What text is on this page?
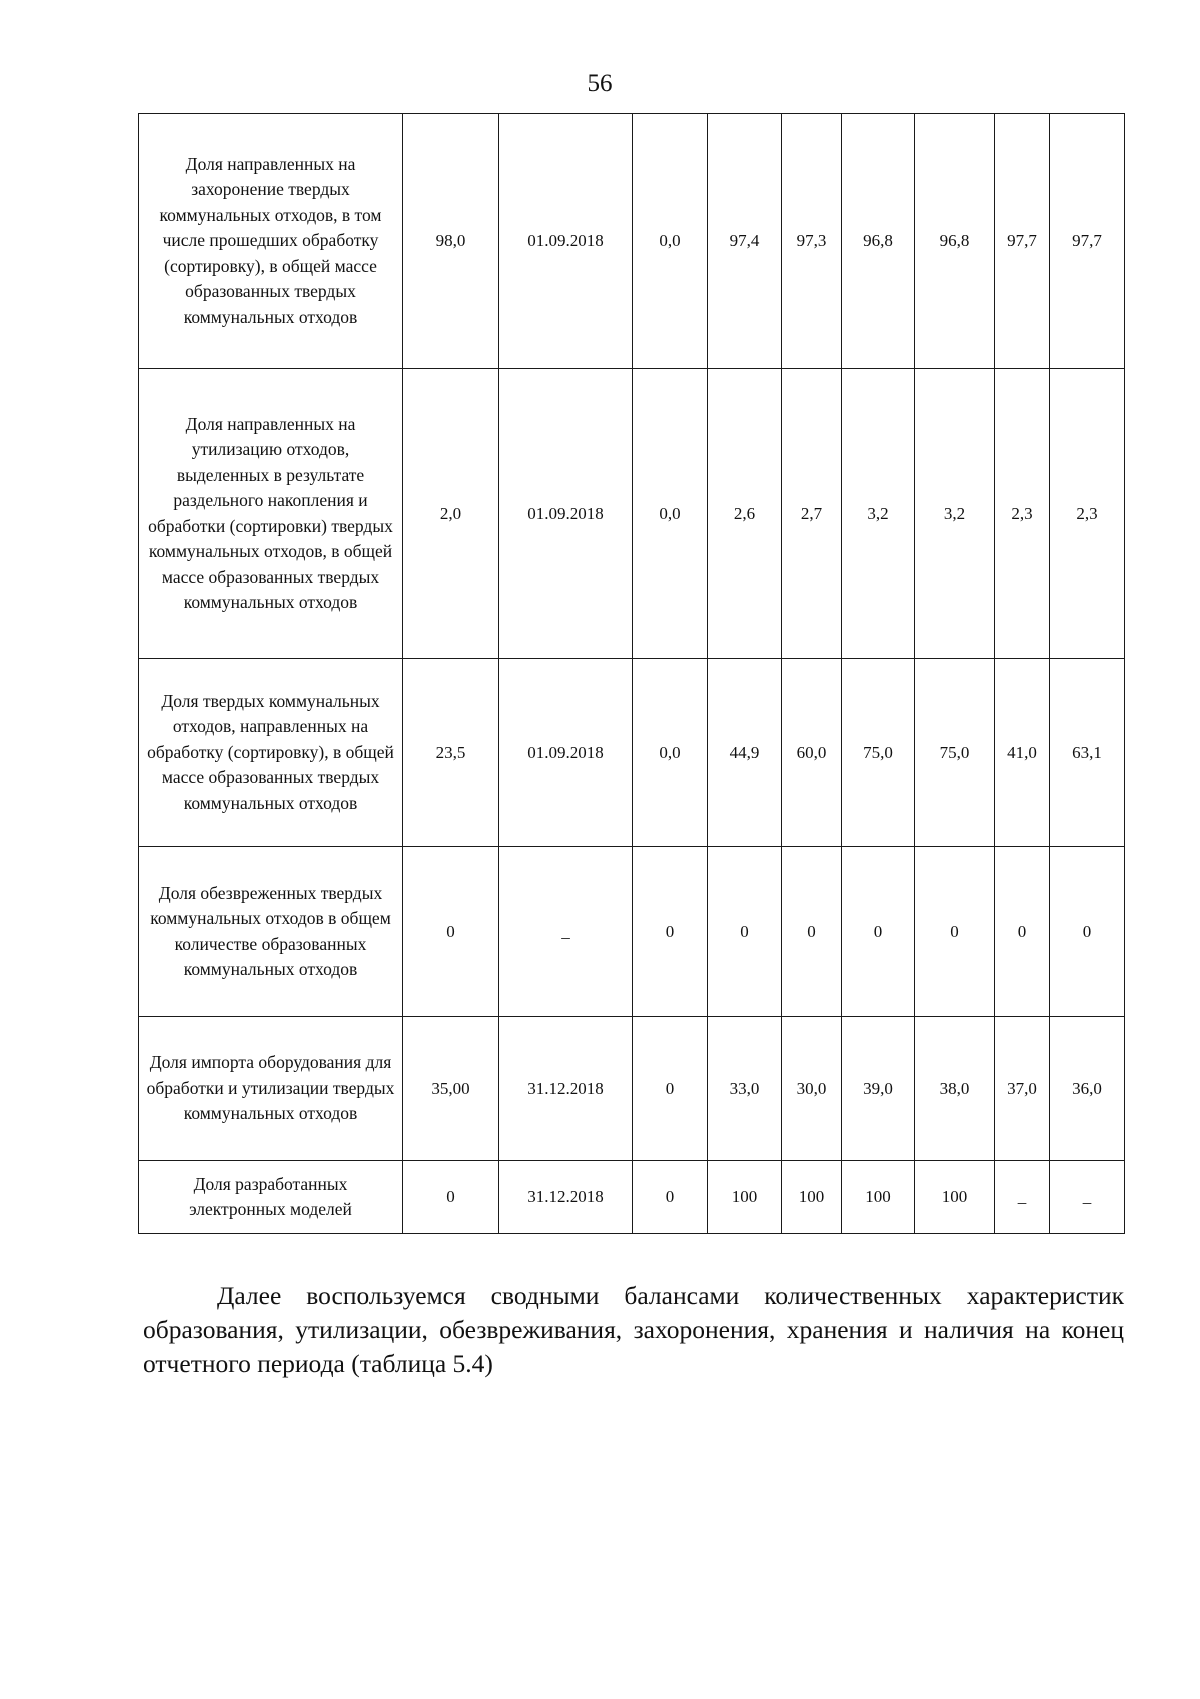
56
Доля направленных на захоронение твердых коммунальных отходов, в том числе прошедших обработку (сортировку), в общей массе образованных твердых коммунальных отходов	98,0	01.09.2018	0,0	97,4	97,3	96,8	96,8	97,7	97,7
Доля направленных на утилизацию отходов, выделенных в результате раздельного накопления и обработки (сортировки) твердых коммунальных отходов, в общей массе образованных твердых коммунальных отходов	2,0	01.09.2018	0,0	2,6	2,7	3,2	3,2	2,3	2,3
Доля твердых коммунальных отходов, направленных на обработку (сортировку), в общей массе образованных твердых коммунальных отходов	23,5	01.09.2018	0,0	44,9	60,0	75,0	75,0	41,0	63,1
Доля обезвреженных твердых коммунальных отходов в общем количестве образованных коммунальных отходов	0	_	0	0	0	0	0	0	0
Доля импорта оборудования для обработки и утилизации твердых коммунальных отходов	35,00	31.12.2018	0	33,0	30,0	39,0	38,0	37,0	36,0
Доля разработанных электронных моделей	0	31.12.2018	0	100	100	100	100	_	_

Далее воспользуемся сводными балансами количественных характеристик образования, утилизации, обезвреживания, захоронения, хранения и наличия на конец отчетного периода (таблица 5.4)
